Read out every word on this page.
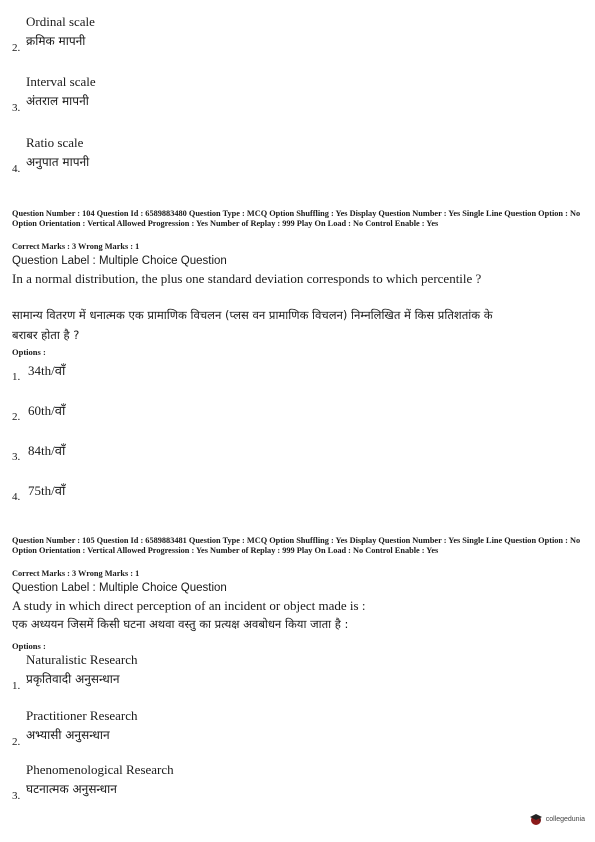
Ordinal scale
2. क्रमिक मापनी
Interval scale
3. अंतराल मापनी
Ratio scale
4. अनुपात मापनी
Question Number : 104 Question Id : 6589883480 Question Type : MCQ Option Shuffling : Yes Display Question Number : Yes Single Line Question Option : No Option Orientation : Vertical Allowed Progression : Yes Number of Replay : 999 Play On Load : No Control Enable : Yes
Correct Marks : 3 Wrong Marks : 1
Question Label : Multiple Choice Question
In a normal distribution, the plus one standard deviation corresponds to which percentile ?
सामान्य वितरण में धनात्मक एक प्रामाणिक विचलन (प्लस वन प्रामाणिक विचलन) निम्नलिखित में किस प्रतिशतांक के बराबर होता है ?
Options :
1. 34th/वाँ
2. 60th/वाँ
3. 84th/वाँ
4. 75th/वाँ
Question Number : 105 Question Id : 6589883481 Question Type : MCQ Option Shuffling : Yes Display Question Number : Yes Single Line Question Option : No Option Orientation : Vertical Allowed Progression : Yes Number of Replay : 999 Play On Load : No Control Enable : Yes
Correct Marks : 3 Wrong Marks : 1
Question Label : Multiple Choice Question
A study in which direct perception of an incident or object made is :
एक अध्ययन जिसमें किसी घटना अथवा वस्तु का प्रत्यक्ष अवबोधन किया जाता है :
Options :
Naturalistic Research
1. प्रकृतिवादी अनुसन्धान
Practitioner Research
2. अभ्यासी अनुसन्धान
Phenomenological Research
3. घटनात्मक अनुसन्धान
collegedunia
